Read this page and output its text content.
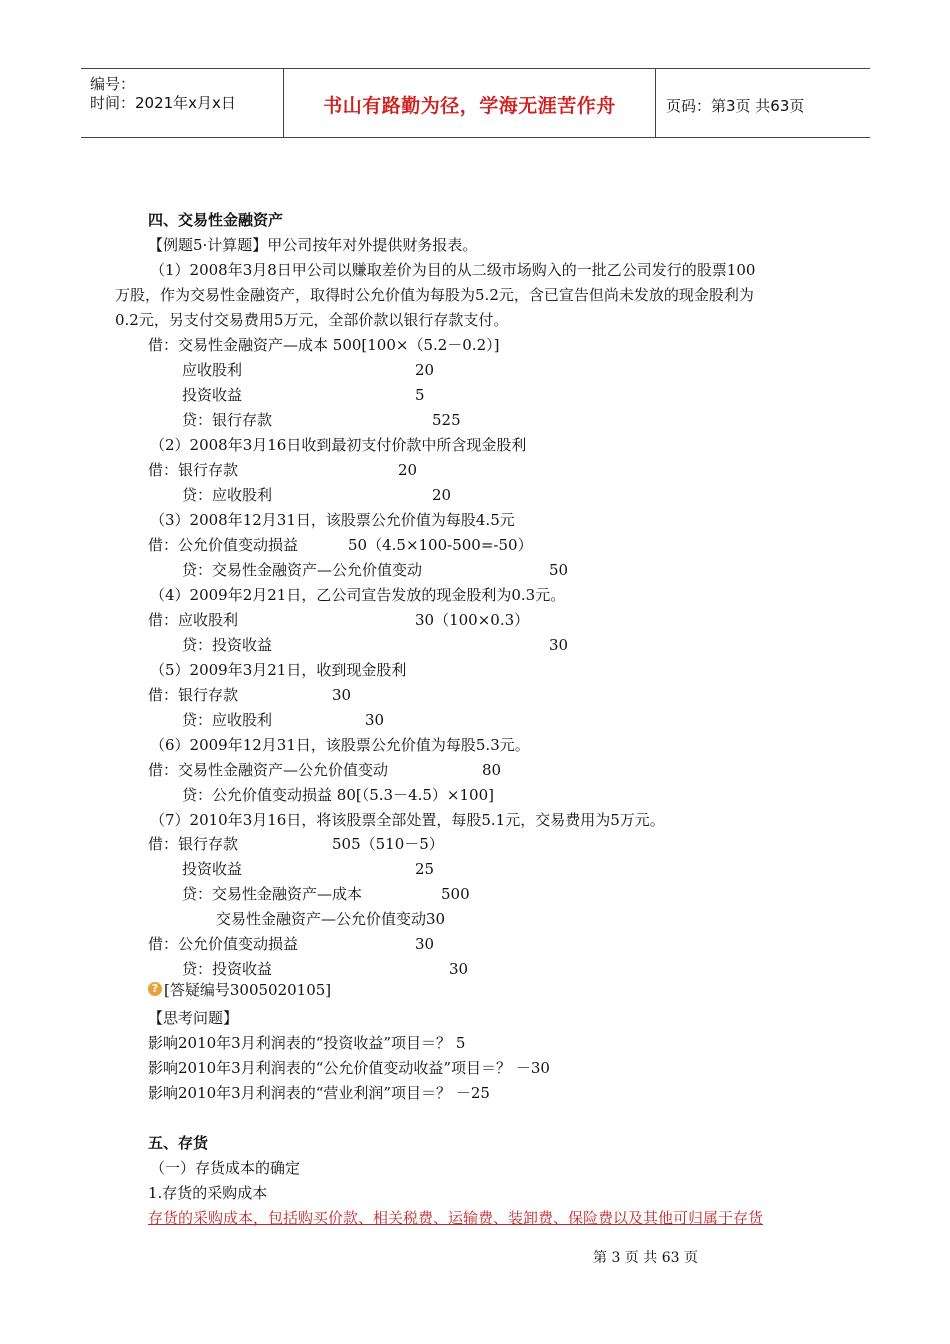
编号：
时间：2021年x月x日	书山有路勤为径，学海无涯苦作舟	页码：第3页 共63页
四、交易性金融资产
【例题5·计算题】甲公司按年对外提供财务报表。
（1）2008年3月8日甲公司以赚取差价为目的从二级市场购入的一批乙公司发行的股票100
万股，作为交易性金融资产，取得时公允价值为每股为5.2元，含已宣告但尚未发放的现金股利为
0.2元，另支付交易费用5万元，全部价款以银行存款支付。
借：交易性金融资产—成本 500[100×（5.2－0.2）]
应收股利	20
投资收益	5
贷：银行存款	525
（2）2008年3月16日收到最初支付价款中所含现金股利
借：银行存款	20
贷：应收股利	20
（3）2008年12月31日，该股票公允价值为每股4.5元
借：公允价值变动损益	50（4.5×100-500=-50）
贷：交易性金融资产—公允价值变动	50
（4）2009年2月21日，乙公司宣告发放的现金股利为0.3元。
借：应收股利	30（100×0.3）
贷：投资收益	30
（5）2009年3月21日，收到现金股利
借：银行存款	30
贷：应收股利	30
（6）2009年12月31日，该股票公允价值为每股5.3元。
借：交易性金融资产—公允价值变动	80
贷：公允价值变动损益 80[（5.3－4.5）×100]
（7）2010年3月16日，将该股票全部处置，每股5.1元，交易费用为5万元。
借：银行存款	505（510－5）
投资收益	25
贷：交易性金融资产—成本	500
交易性金融资产—公允价值变动30
借：公允价值变动损益	30
贷：投资收益	30
? [答疑编号3005020105]
【思考问题】
影响2010年3月利润表的“投资收益”项目＝？ 5
影响2010年3月利润表的“公允价值变动收益”项目＝？ －30
影响2010年3月利润表的“营业利润”项目＝？ －25
五、存货
（一）存货成本的确定
1.存货的采购成本
存货的采购成本，包括购买价款、相关税费、运输费、装卸费、保险费以及其他可归属于存货
第 3 页 共 63 页
